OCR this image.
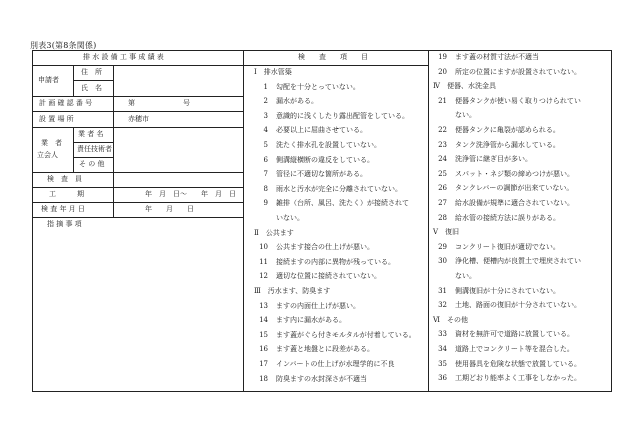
別表3(第8条関係)
排 水 設 備 工 事 成 績 表
申請者
住　所
氏　名
計 画 確 認 番 号	第	号
設 置 場 所	赤穂市
業　者
立会人
業 者 名
責任技術者
そ の 他
検　査　員
工　　　期	年　月　日〜　　年　月　日
検 査 年 月 日	年　　月　　日
指 摘 事 項
検　　査　　項　　目
Ⅰ　排水管築
1 勾配を十分とっていない。
2 漏水がある。
3 意識的に浅くしたり露出配管をしている。
4 必要以上に屈曲させている。
5 洗たく排水孔を設置していない。
6 側溝縦横断の違反をしている。
7 管径に不適切な箇所がある。
8 雨水と汚水が完全に分離されていない。
9 雑排（台所、風呂、洗たく）が接続されて
いない。
Ⅱ　公共ます
10 公共ます接合の仕上げが悪い。
11 接続ますの内部に異物が残っている。
12 適切な位置に接続されていない。
Ⅲ　汚水ます、防臭ます
13 ますの内面仕上げが悪い。
14 ます内に漏水がある。
15 ます蓋がぐら付きモルタルが付着している。
16 ます蓋と地盤とに段差がある。
17 インバートの仕上げが水理学的に不良
18 防臭ますの水封深さが不適当
19 ます蓋の材質寸法が不適当
20 所定の位置にますが設置されていない。
Ⅳ　便器、水洗金具
21 便器タンクが使い易く取りつけられてい
ない。
22 便器タンクに亀裂が認められる。
23 タンク洗浄管から漏水している。
24 洗浄管に継ぎ目が多い。
25 スパット・ネジ類の締めつけが悪い。
26 タンクレバーの調節が出来ていない。
27 給水設備が規準に適合されていない。
28 給水管の接続方法に誤りがある。
Ⅴ　復旧
29 コンクリート復旧が適切でない。
30 浄化槽、便槽内が良質土で埋戻されてい
ない。
31 側溝復旧が十分にされていない。
32 土地、路面の復旧が十分されていない。
Ⅵ　その他
33 資材を無許可で道路に放置している。
34 道路上でコンクリート等を混合した。
35 使用器具を危険な状態で放置している。
36 工期どおり能率よく工事をしなかった。
